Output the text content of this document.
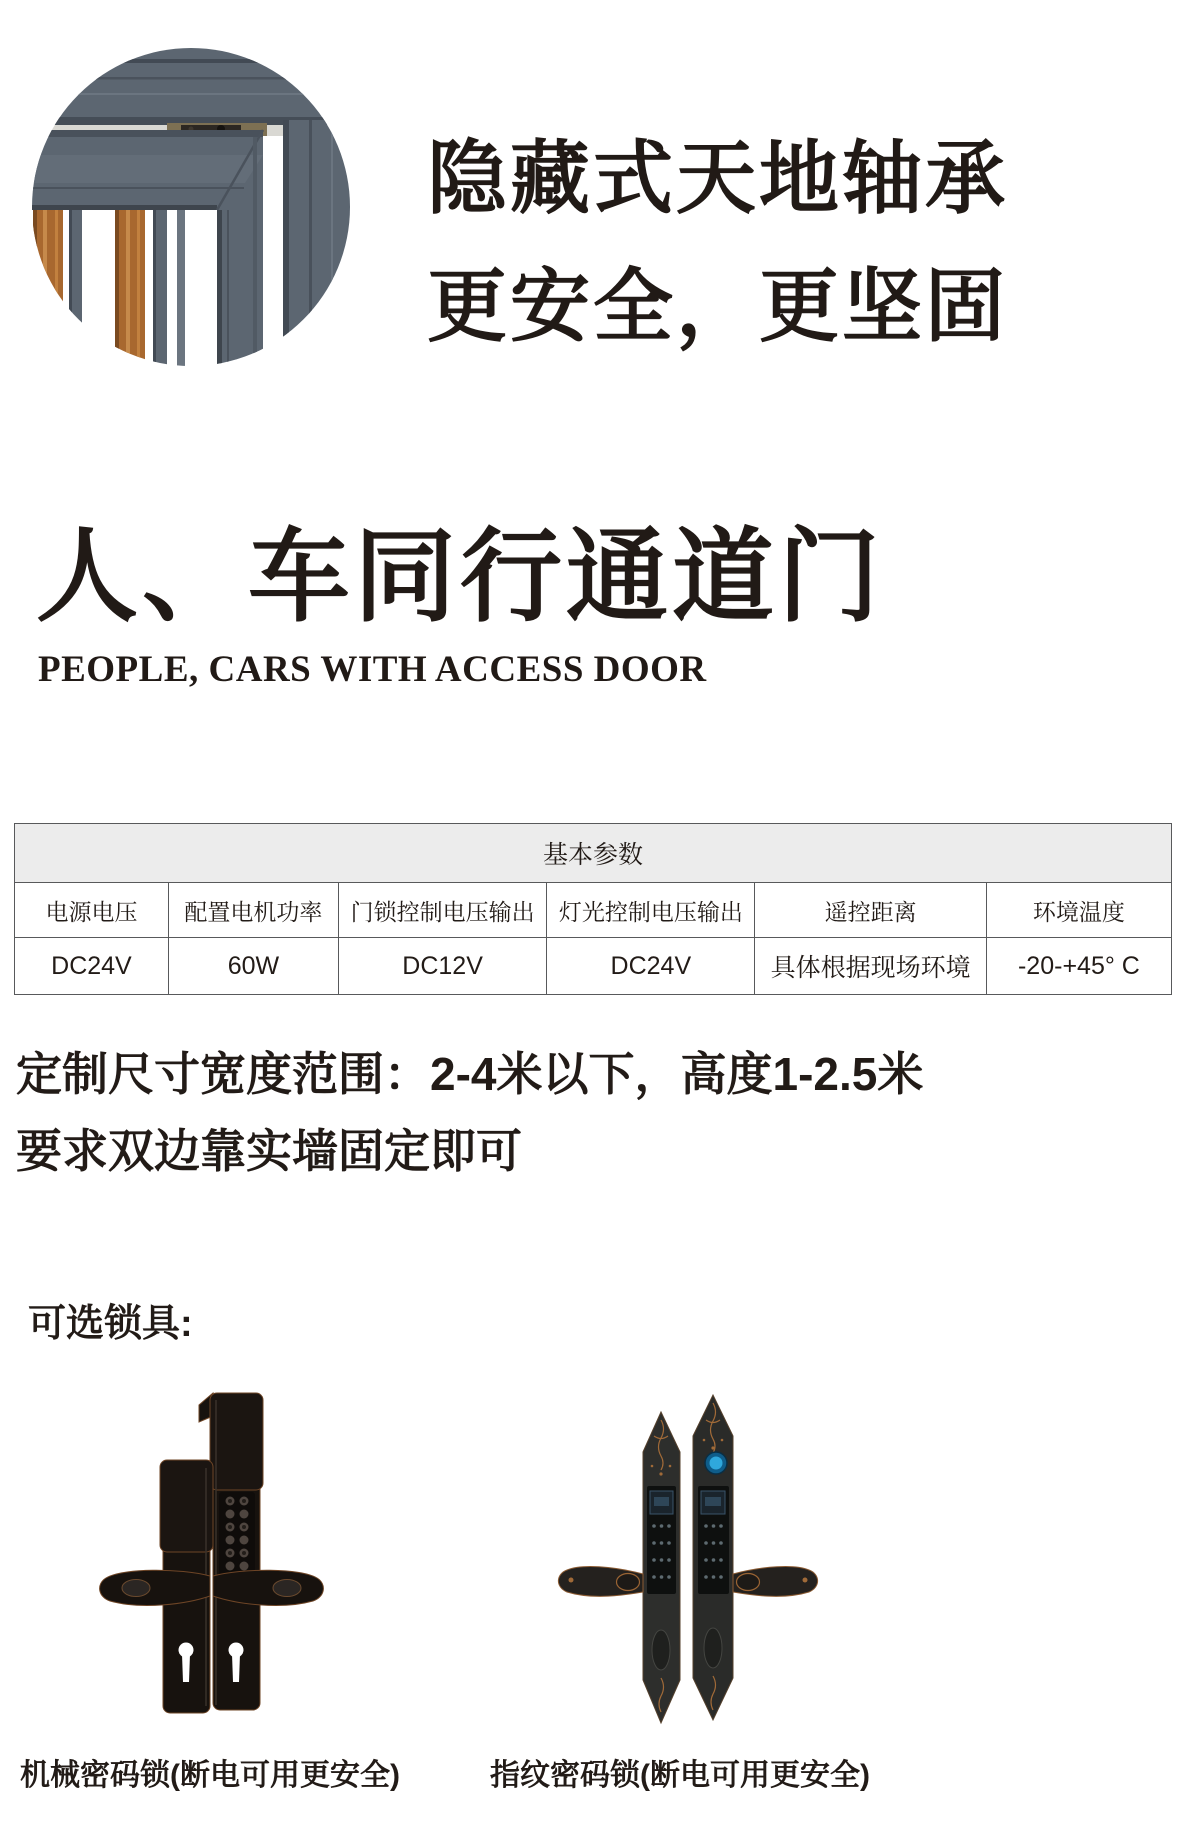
隐藏式天地轴承
更安全，更坚固
人、车同行通道门
PEOPLE, CARS WITH ACCESS DOOR
基本参数					
电源电压	配置电机功率	门锁控制电压输出	灯光控制电压输出	遥控距离	环境温度
DC24V	60W	DC12V	DC24V	具体根据现场环境	-20-+45° C
定制尺寸宽度范围：2-4米以下，高度1-2.5米
要求双边靠实墙固定即可
可选锁具:
机械密码锁(断电可用更安全)	指纹密码锁(断电可用更安全)
